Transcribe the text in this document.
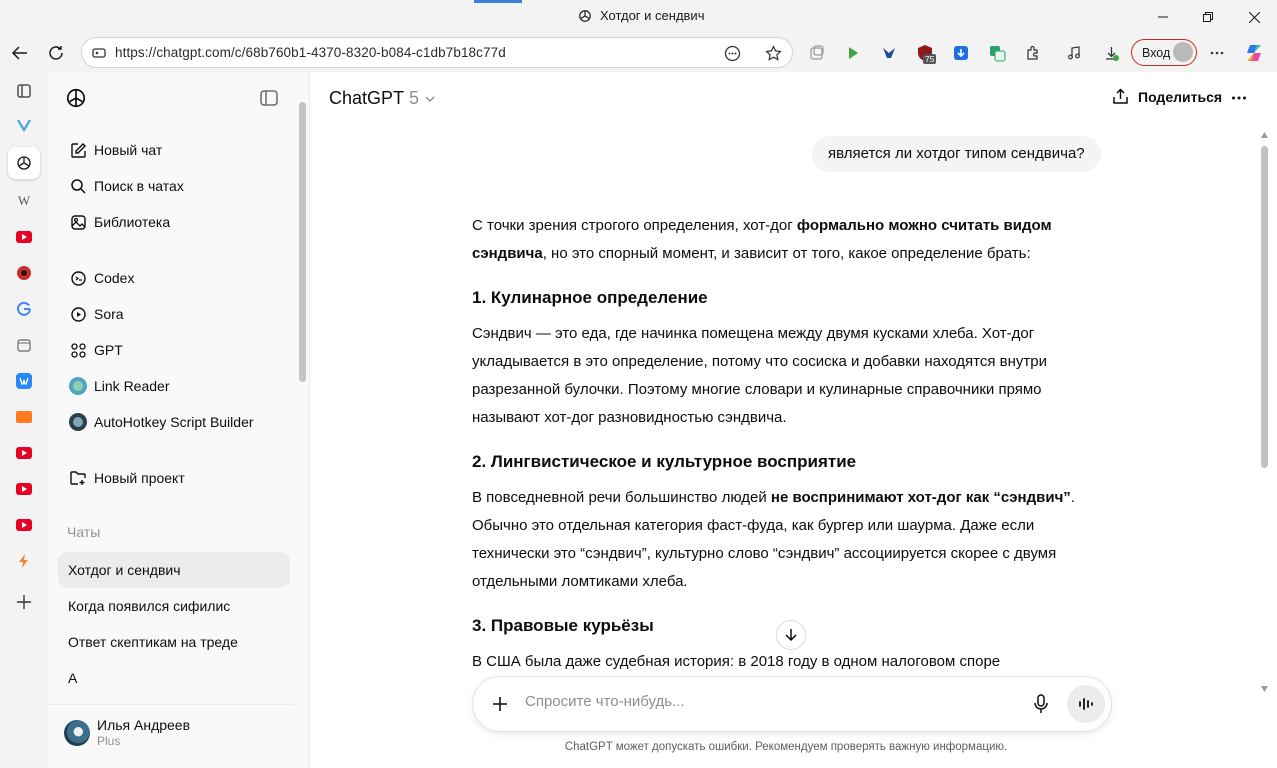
Хотдог и сендвич
https://chatgpt.com/c/68b760b1-4370-8320-b084-c1db7b18c77d	75	Вход
W
Новый чат
Поиск в чатах
Библиотека
Codex
Sora
GPT
Link Reader
AutoHotkey Script Builder
Новый проект
Чаты
Хотдог и сендвич
Когда появился сифилис
Ответ скептикам на треде
А
Илья Андреев
Plus
ChatGPT 5	Поделиться
является ли хотдог типом сендвича?

С точки зрения строгого определения, хот-дог формально можно считать видом сэндвича, но это спорный момент, и зависит от того, какое определение брать:

1. Кулинарное определение

Сэндвич — это еда, где начинка помещена между двумя кусками хлеба. Хот-дог укладывается в это определение, потому что сосиска и добавки находятся внутри разрезанной булочки. Поэтому многие словари и кулинарные справочники прямо называют хот-дог разновидностью сэндвича.

2. Лингвистическое и культурное восприятие

В повседневной речи большинство людей не воспринимают хот-дог как “сэндвич”. Обычно это отдельная категория фаст-фуда, как бургер или шаурма. Даже если технически это “сэндвич”, культурно слово “сэндвич” ассоциируется скорее с двумя отдельными ломтиками хлеба.

3. Правовые курьёзы

В США была даже судебная история: в 2018 году в одном налоговом споре

Спросите что-нибудь...
ChatGPT может допускать ошибки. Рекомендуем проверять важную информацию.
